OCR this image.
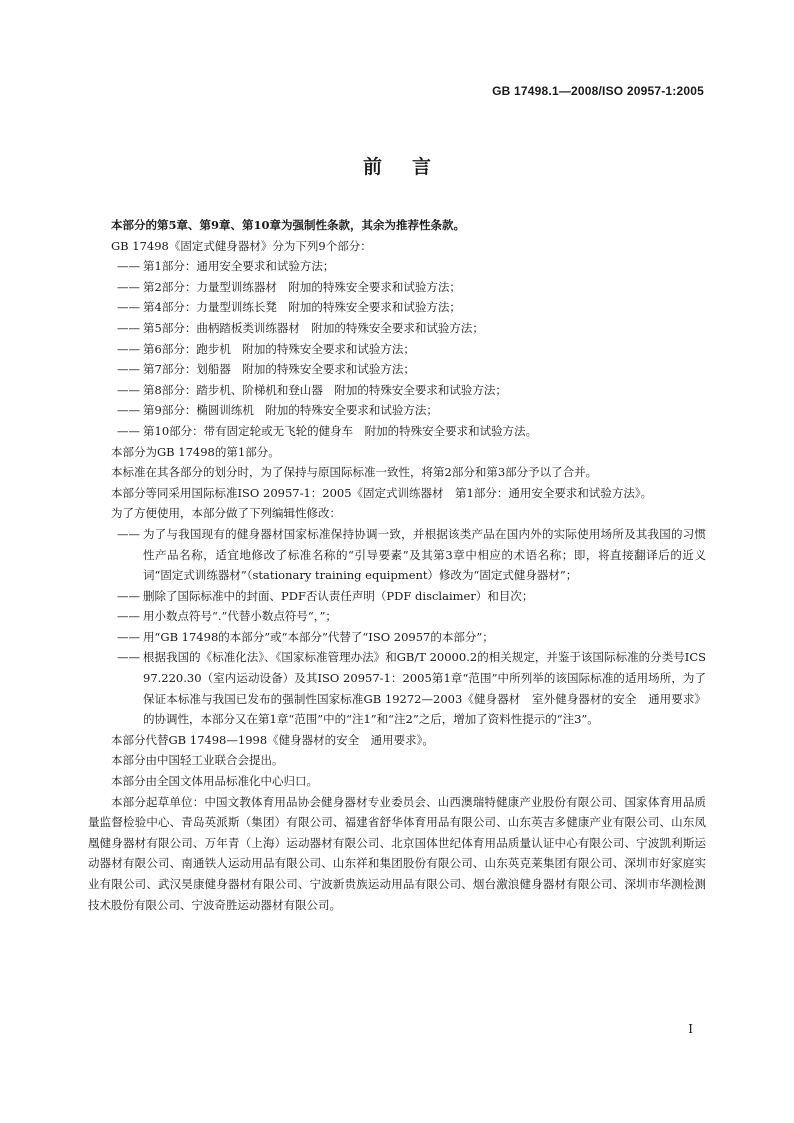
GB 17498.1—2008/ISO 20957-1:2005
前言

本部分的第5章、第9章、第10章为强制性条款，其余为推荐性条款。

GB 17498《固定式健身器材》分为下列9个部分：

—— 第1部分：通用安全要求和试验方法；

—— 第2部分：力量型训练器材　附加的特殊安全要求和试验方法；

—— 第4部分：力量型训练长凳　附加的特殊安全要求和试验方法；

—— 第5部分：曲柄踏板类训练器材　附加的特殊安全要求和试验方法；

—— 第6部分：跑步机　附加的特殊安全要求和试验方法；

—— 第7部分：划船器　附加的特殊安全要求和试验方法；

—— 第8部分：踏步机、阶梯机和登山器　附加的特殊安全要求和试验方法；

—— 第9部分：椭圆训练机　附加的特殊安全要求和试验方法；

—— 第10部分：带有固定轮或无飞轮的健身车　附加的特殊安全要求和试验方法。

本部分为GB 17498的第1部分。

本标准在其各部分的划分时，为了保持与原国际标准一致性，将第2部分和第3部分予以了合并。

本部分等同采用国际标准ISO 20957-1：2005《固定式训练器材　第1部分：通用安全要求和试验方法》。

为了方便使用，本部分做了下列编辑性修改：

—— 为了与我国现有的健身器材国家标准保持协调一致，并根据该类产品在国内外的实际使用场所及其我国的习惯性产品名称，适宜地修改了标准名称的“引导要素”及其第3章中相应的术语名称；即，将直接翻译后的近义词“固定式训练器材”（stationary training equipment）修改为“固定式健身器材”；

—— 删除了国际标准中的封面、PDF否认责任声明（PDF disclaimer）和目次；

—— 用小数点符号“.”代替小数点符号“，”；

—— 用“GB 17498的本部分”或“本部分”代替了“ISO 20957的本部分”；

—— 根据我国的《标准化法》、《国家标准管理办法》和GB/T 20000.2的相关规定，并鉴于该国际标准的分类号ICS 97.220.30（室内运动设备）及其ISO 20957-1：2005第1章“范围”中所列举的该国际标准的适用场所，为了保证本标准与我国已发布的强制性国家标准GB 19272—2003《健身器材　室外健身器材的安全　通用要求》的协调性，本部分又在第1章“范围”中的“注1”和“注2”之后，增加了资料性提示的“注3”。

本部分代替GB 17498—1998《健身器材的安全　通用要求》。

本部分由中国轻工业联合会提出。

本部分由全国文体用品标准化中心归口。

本部分起草单位：中国文教体育用品协会健身器材专业委员会、山西澳瑞特健康产业股份有限公司、国家体育用品质量监督检验中心、青岛英派斯（集团）有限公司、福建省舒华体育用品有限公司、山东英吉多健康产业有限公司、山东凤凰健身器材有限公司、万年青（上海）运动器材有限公司、北京国体世纪体育用品质量认证中心有限公司、宁波凯利斯运动器材有限公司、南通铁人运动用品有限公司、山东祥和集团股份有限公司、山东英克莱集团有限公司、深圳市好家庭实业有限公司、武汉昊康健身器材有限公司、宁波新贵族运动用品有限公司、烟台激浪健身器材有限公司、深圳市华测检测技术股份有限公司、宁波奇胜运动器材有限公司。

I
